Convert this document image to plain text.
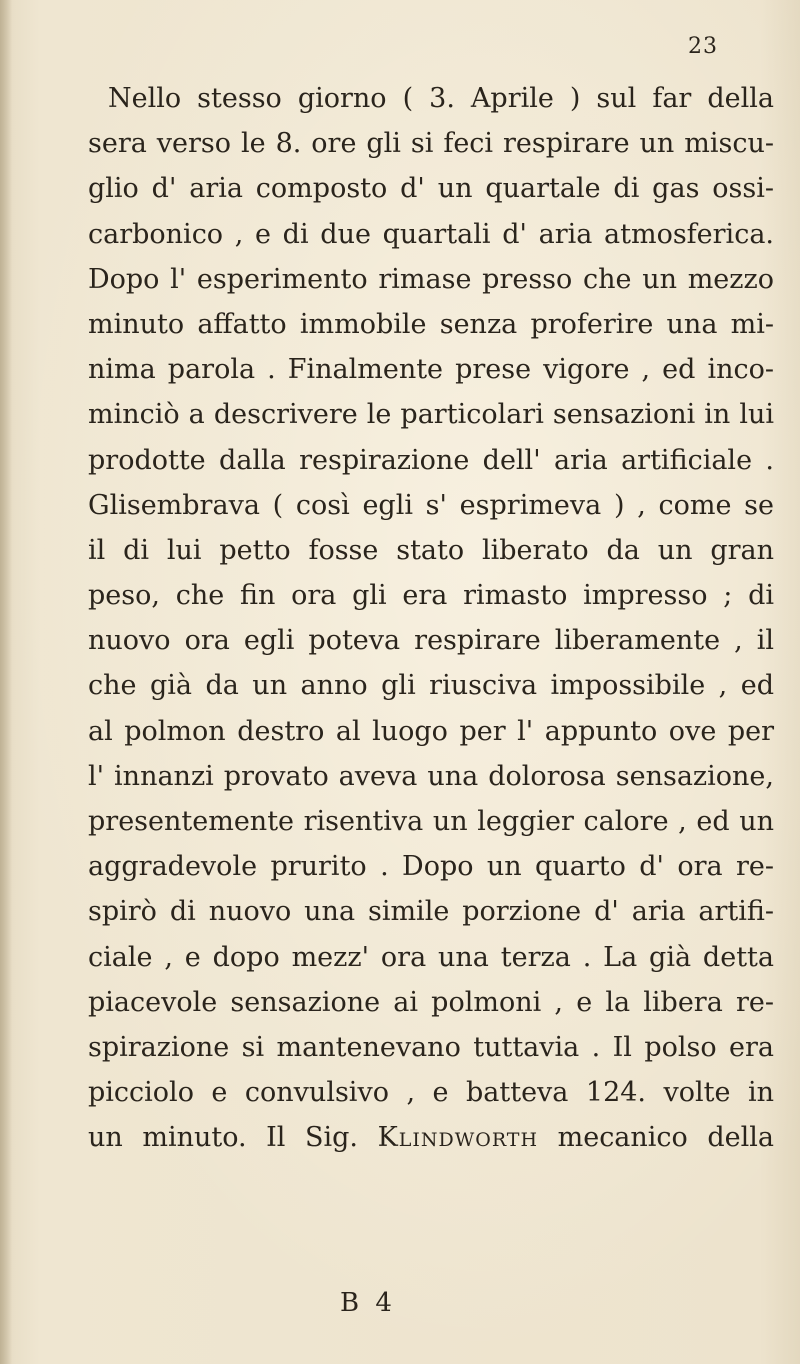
23
Nello stesso giorno ( 3. Aprile ) sul far della
sera verso le 8. ore gli si feci respirare un miscu-
glio d' aria composto d' un quartale di gas ossi-
carbonico , e di due quartali d' aria atmosferica.
Dopo l' esperimento rimase presso che un mezzo
minuto affatto immobile senza proferire una mi-
nima parola . Finalmente prese vigore , ed inco-
minciò a descrivere le particolari sensazioni in lui
prodotte dalla respirazione dell' aria artificiale .
Glisembrava ( così egli s' esprimeva ) , come se
il di lui petto fosse stato liberato da un gran
peso, che fin ora gli era rimasto impresso ; di
nuovo ora egli poteva respirare liberamente , il
che già da un anno gli riusciva impossibile , ed
al polmon destro al luogo per l' appunto ove per
l' innanzi provato aveva una dolorosa sensazione,
presentemente risentiva un leggier calore , ed un
aggradevole prurito . Dopo un quarto d' ora re-
spirò di nuovo una simile porzione d' aria artifi-
ciale , e dopo mezz' ora una terza . La già detta
piacevole sensazione ai polmoni , e la libera re-
spirazione si mantenevano tuttavia . Il polso era
picciolo e convulsivo , e batteva 124. volte in
un minuto. Il Sig. Klindworth mecanico della
B 4
